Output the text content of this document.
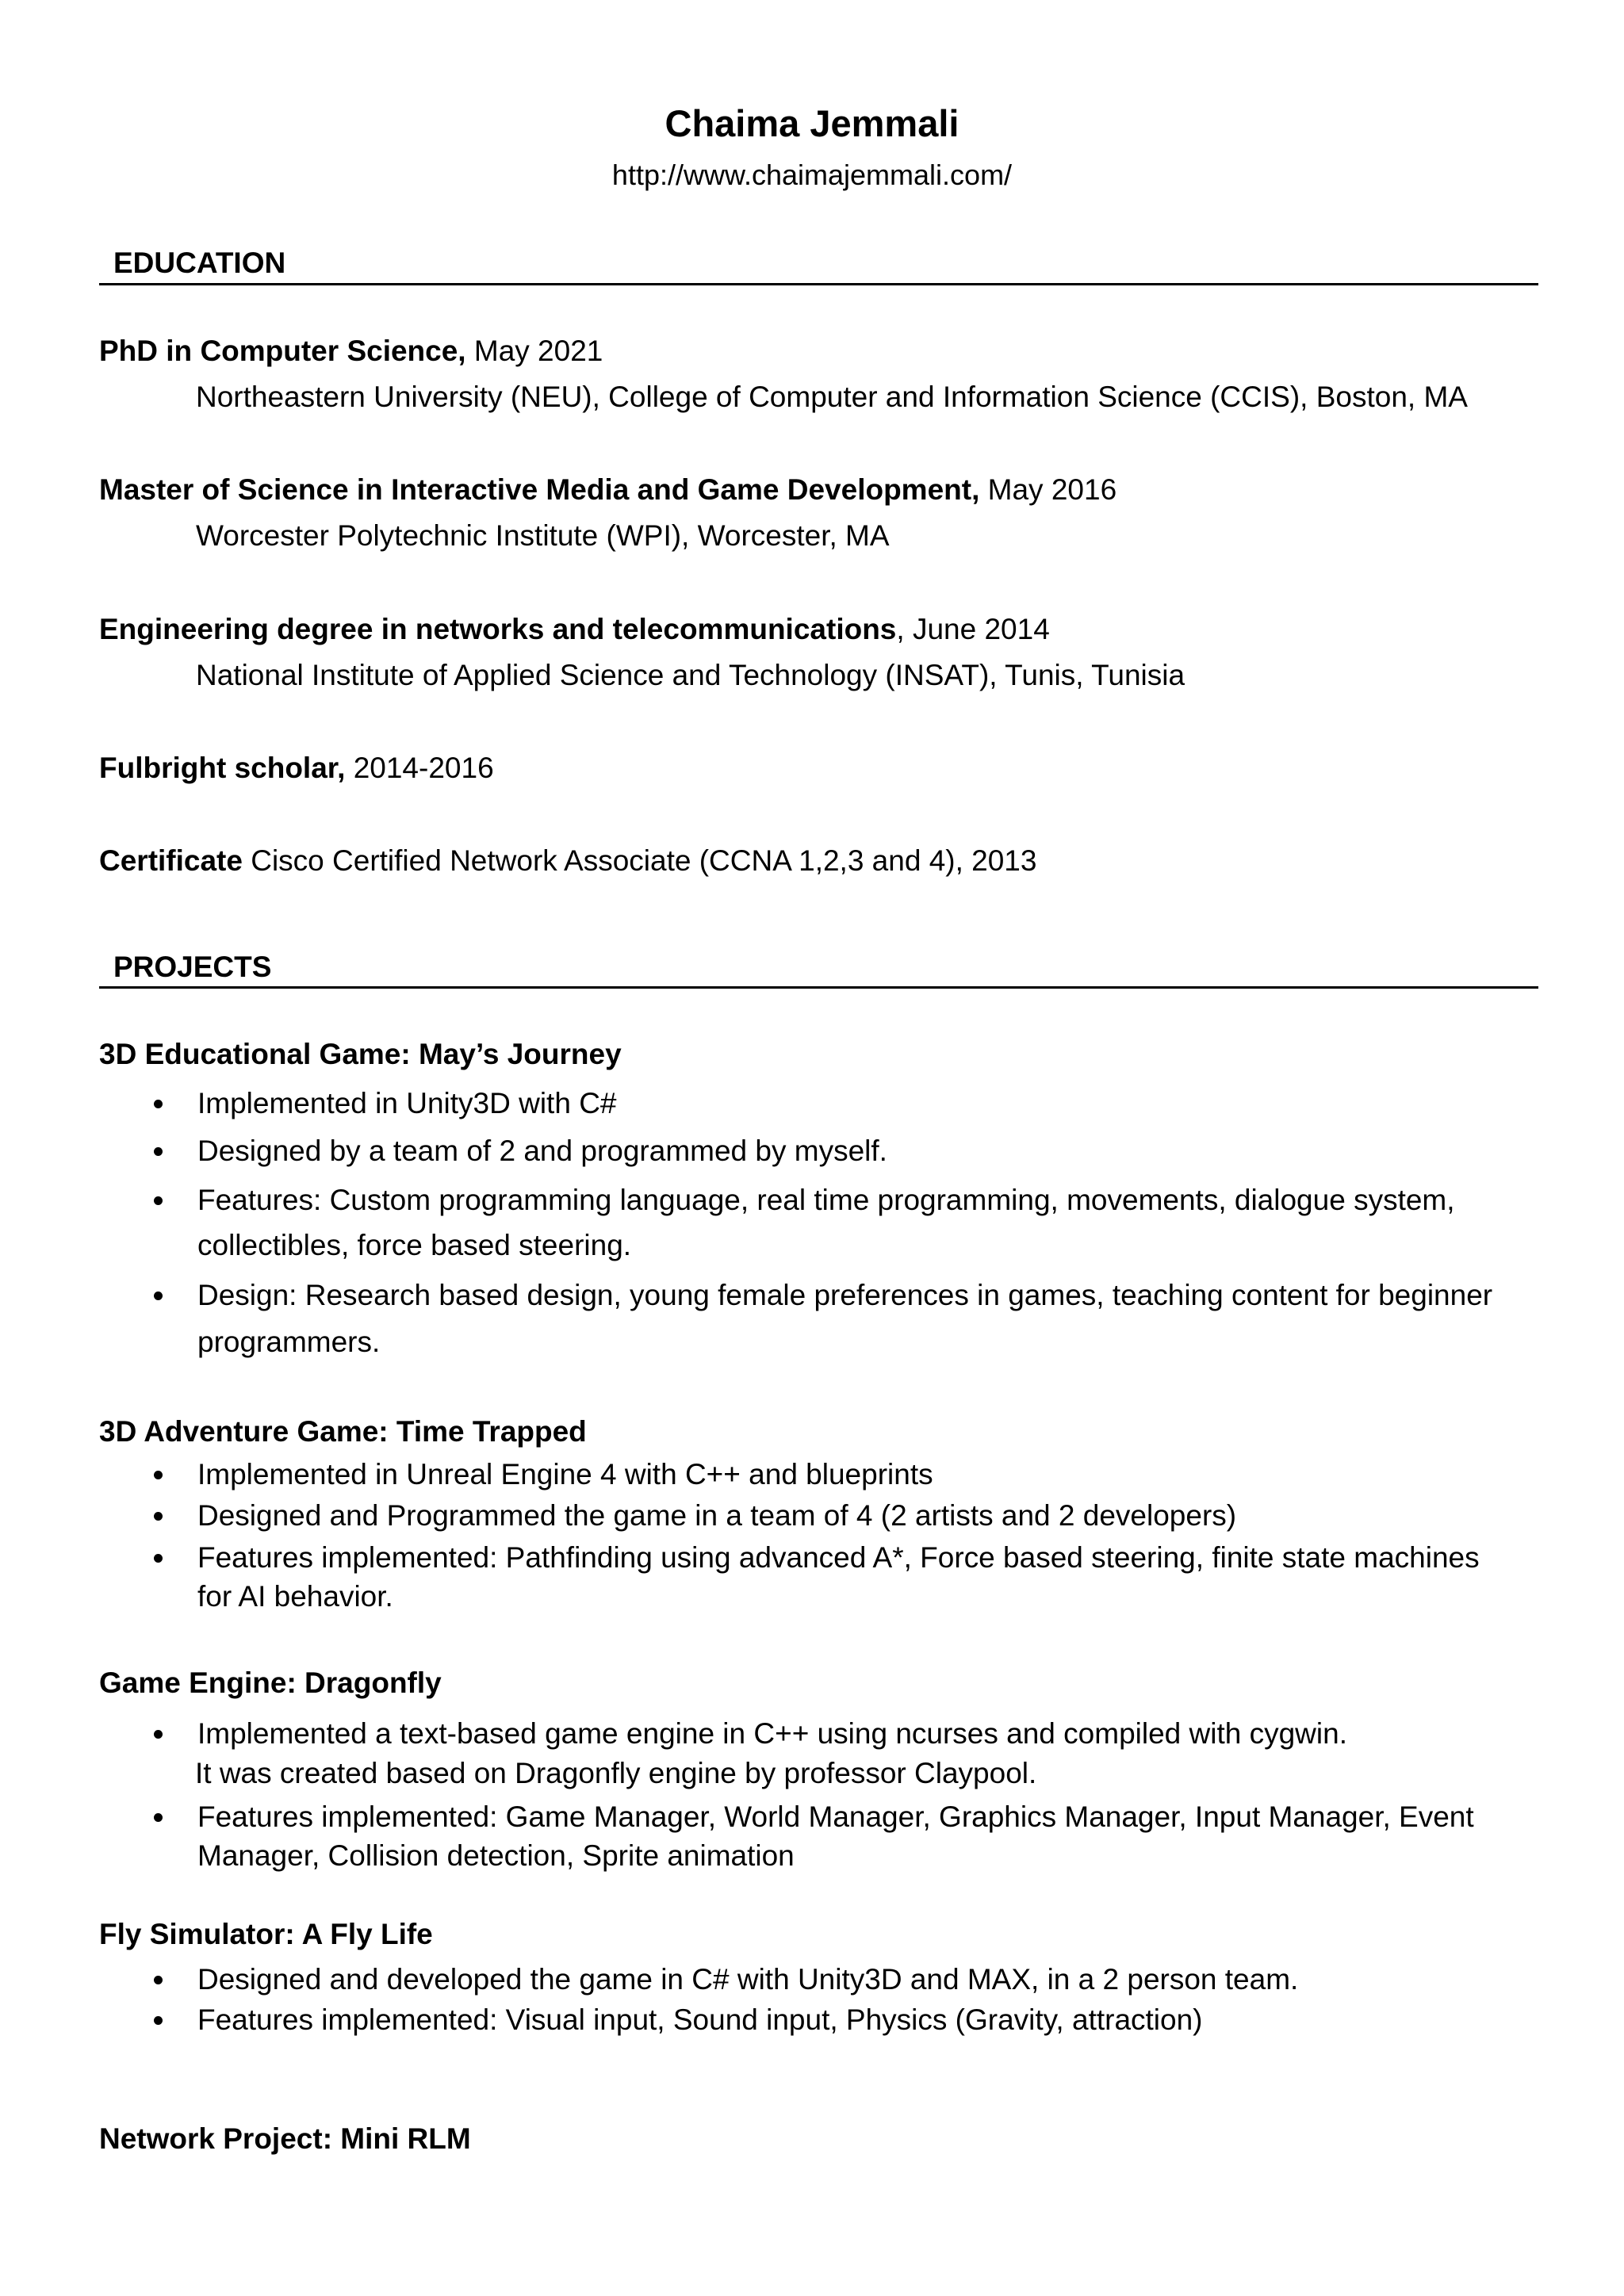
Chaima Jemmali
http://www.chaimajemmali.com/
EDUCATION
PhD in Computer Science, May 2021
Northeastern University (NEU), College of Computer and Information Science (CCIS), Boston, MA
Master of Science in Interactive Media and Game Development, May 2016
Worcester Polytechnic Institute (WPI), Worcester, MA
Engineering degree in networks and telecommunications, June 2014
National Institute of Applied Science and Technology (INSAT), Tunis, Tunisia
Fulbright scholar, 2014-2016
Certificate Cisco Certified Network Associate (CCNA 1,2,3 and 4), 2013
PROJECTS
3D Educational Game: May’s Journey
Implemented in Unity3D with C#
Designed by a team of 2 and programmed by myself.
Features: Custom programming language, real time programming, movements, dialogue system,
collectibles, force based steering.
Design: Research based design, young female preferences in games, teaching content for beginner
programmers.
3D Adventure Game: Time Trapped
Implemented in Unreal Engine 4 with C++ and blueprints
Designed and Programmed the game in a team of 4 (2 artists and 2 developers)
Features implemented: Pathfinding using advanced A*, Force based steering, finite state machines
for AI behavior.
Game Engine: Dragonfly
Implemented a text-based game engine in C++ using ncurses and compiled with cygwin.
It was created based on Dragonfly engine by professor Claypool.
Features implemented: Game Manager, World Manager, Graphics Manager, Input Manager, Event
Manager, Collision detection, Sprite animation
Fly Simulator: A Fly Life
Designed and developed the game in C# with Unity3D and MAX, in a 2 person team.
Features implemented: Visual input, Sound input, Physics (Gravity, attraction)
Network Project: Mini RLM
